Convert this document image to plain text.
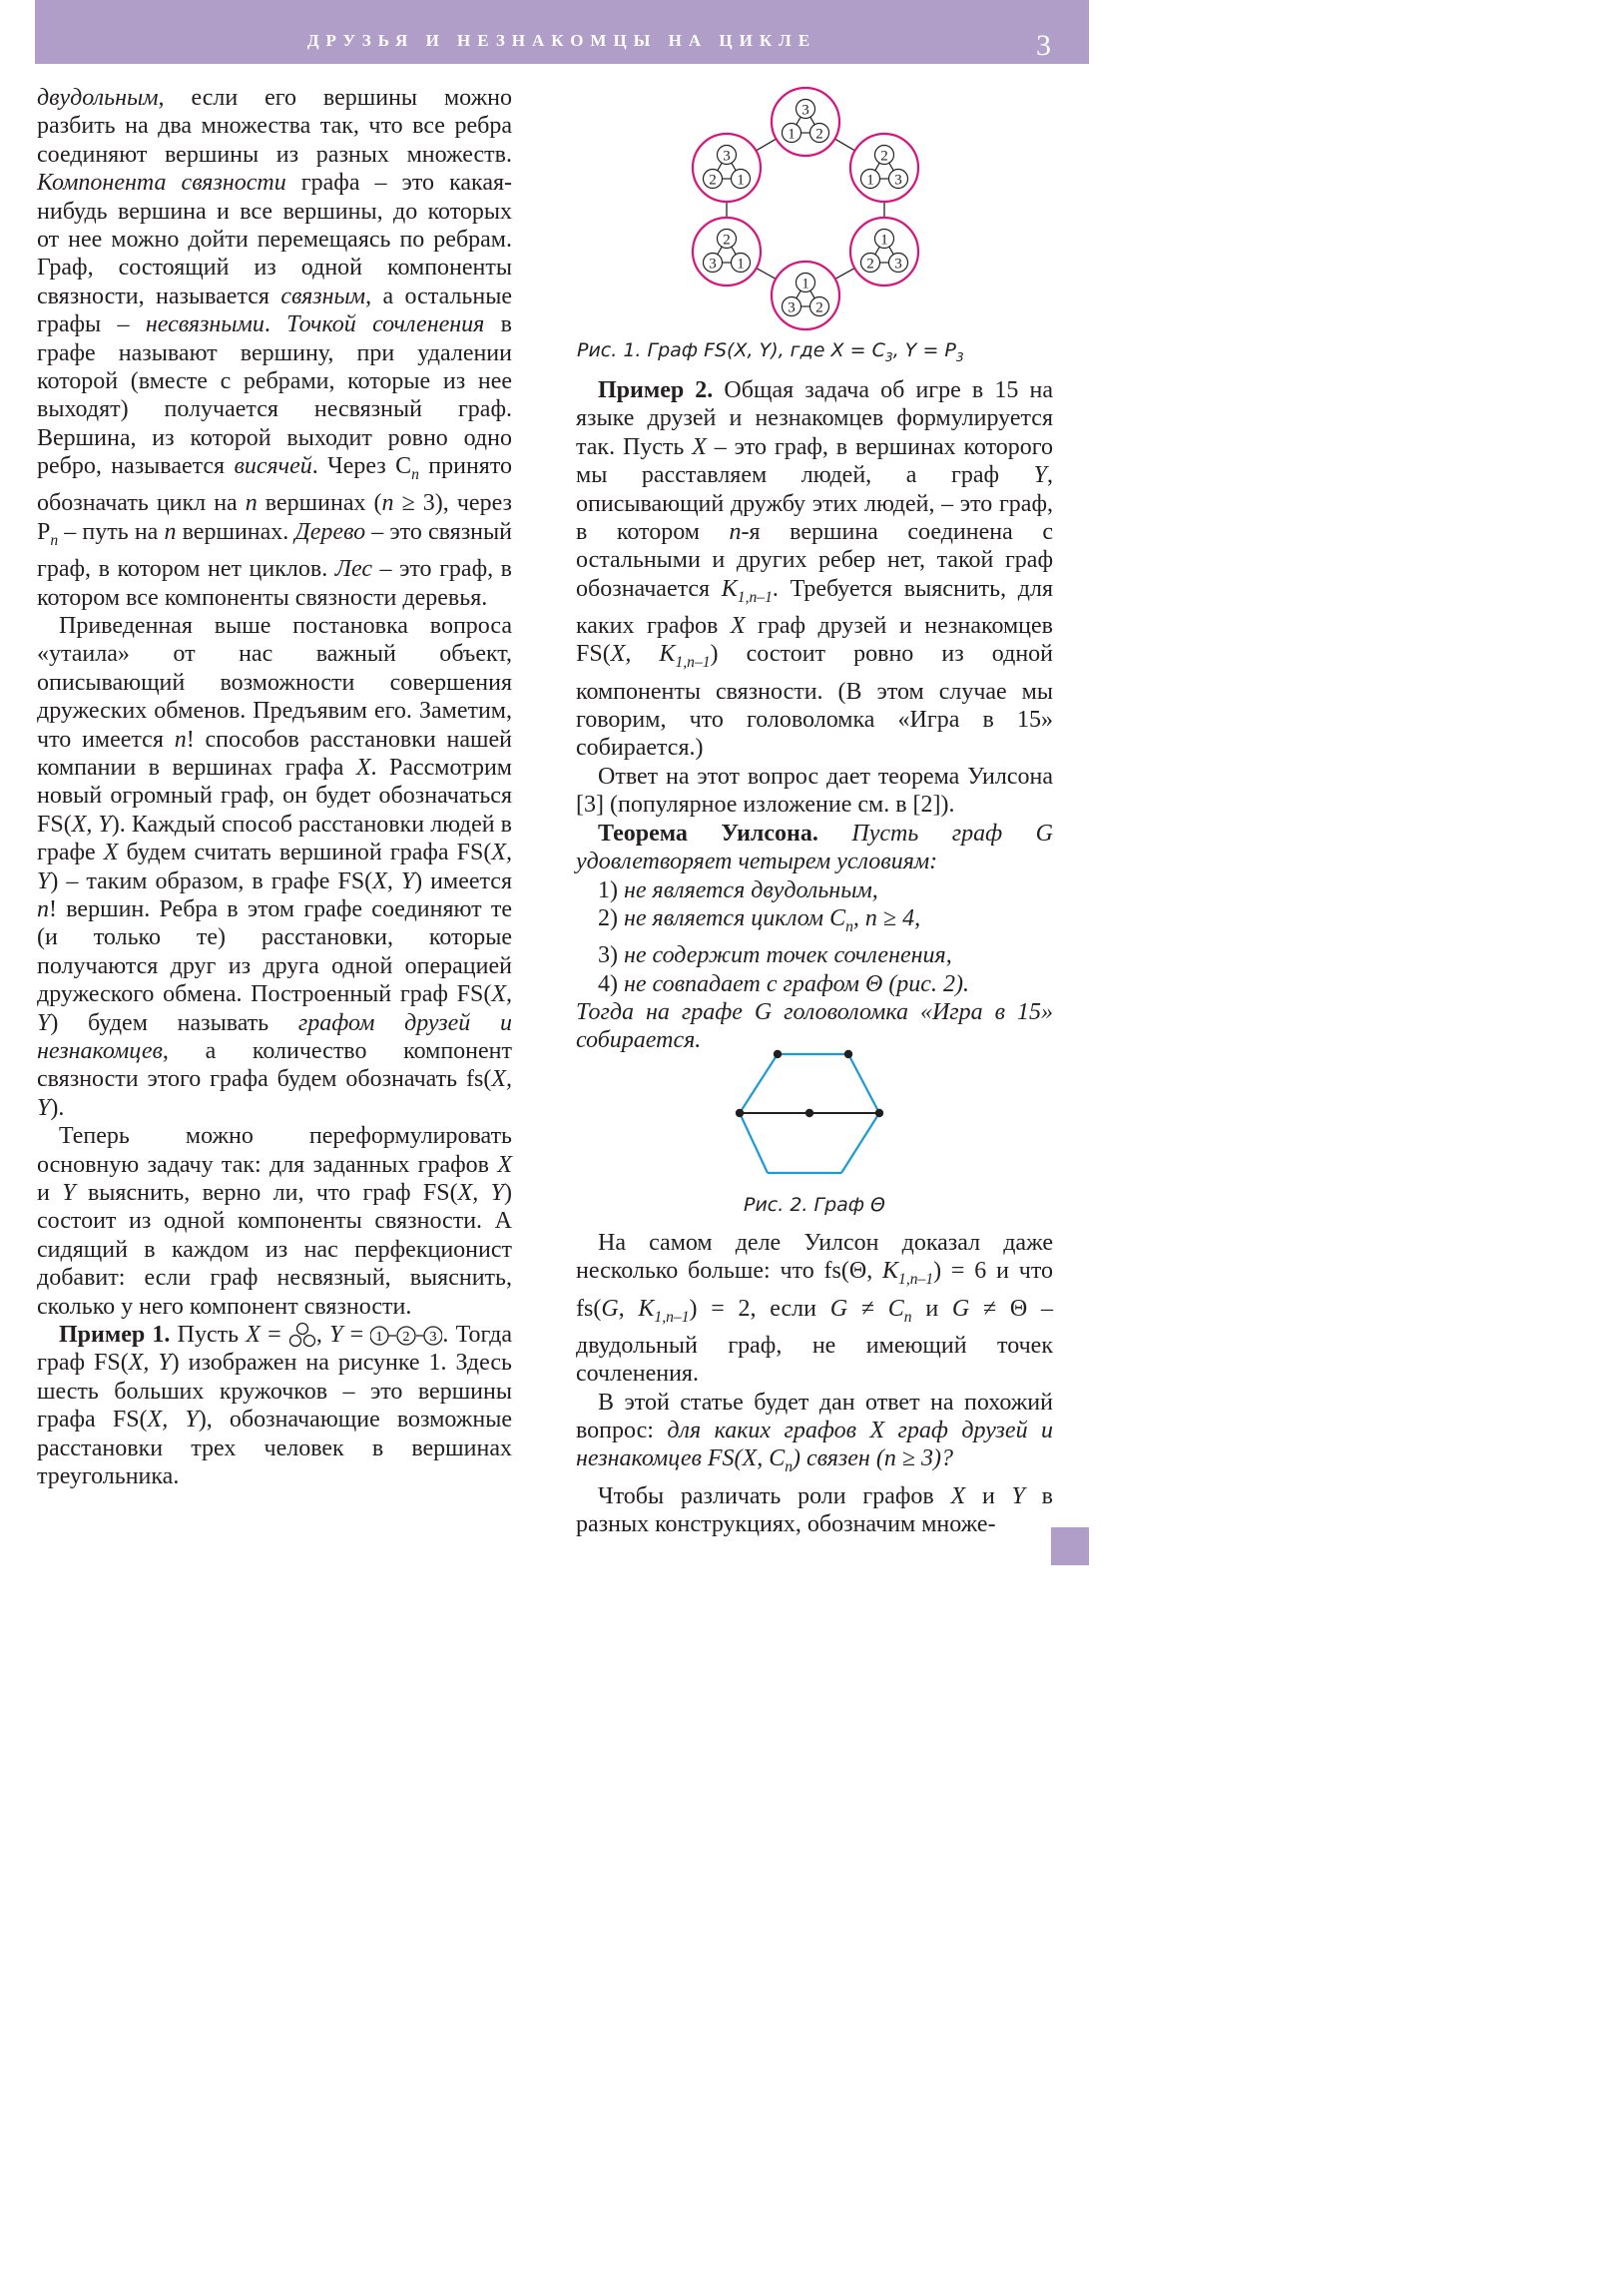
ДРУЗЬЯ И НЕЗНАКОМЦЫ НА ЦИКЛЕ	3

двудольным, если его вершины можно разбить на два множества так, что все ребра соединяют вершины из разных множеств. Компонента связности графа – это какая-нибудь вершина и все вершины, до которых от нее можно дойти перемещаясь по ребрам. Граф, состоящий из одной компоненты связности, называется связным, а остальные графы – несвязными. Точкой сочленения в графе называют вершину, при удалении которой (вместе с ребрами, которые из нее выходят) получается несвязный граф. Вершина, из которой выходит ровно одно ребро, называется висячей. Через $C_n$ принято обозначать цикл на n вершинах (n ≥ 3), через $P_n$ – путь на n вершинах. Дерево – это связный граф, в котором нет циклов. Лес – это граф, в котором все компоненты связности деревья.

Приведенная выше постановка вопроса «утаила» от нас важный объект, описывающий возможности совершения дружеских обменов. Предъявим его. Заметим, что имеется n! способов расстановки нашей компании в вершинах графа X. Рассмотрим новый огромный граф, он будет обозначаться FS(X, Y). Каждый способ расстановки людей в графе X будем считать вершиной графа FS(X, Y) – таким образом, в графе FS(X, Y) имеется n! вершин. Ребра в этом графе соединяют те (и только те) расстановки, которые получаются друг из друга одной операцией дружеского обмена. Построенный граф FS(X, Y) будем называть графом друзей и незнакомцев, а количество компонент связности этого графа будем обозначать fs(X, Y).

Теперь можно переформулировать основную задачу так: для заданных графов X и Y выяснить, верно ли, что граф FS(X, Y) состоит из одной компоненты связности. А сидящий в каждом из нас перфекционист добавит: если граф несвязный, выяснить, сколько у него компонент связности.

Пример 1. Пусть X = , Y = 1 2 3 . Тогда граф FS(X, Y) изображен на рисунке 1. Здесь шесть больших кружочков – это вершины графа FS(X, Y), обозначающие возможные расстановки трех человек в вершинах треугольника.

3
1 2
2
1 3
1
2 3
1
3 2
2
3 1
3
2 1
Рис. 1. Граф FS(X, Y), где $X = C_3$, $Y = P_3$

Пример 2. Общая задача об игре в 15 на языке друзей и незнакомцев формулируется так. Пусть X – это граф, в вершинах которого мы расставляем людей, а граф Y, описывающий дружбу этих людей, – это граф, в котором n-я вершина соединена с остальными и других ребер нет, такой граф обозначается $K_{1,n-1}$. Требуется выяснить, для каких графов X граф друзей и незнакомцев FS(X, $K_{1,n-1}$) состоит ровно из одной компоненты связности. (В этом случае мы говорим, что головоломка «Игра в 15» собирается.)

Ответ на этот вопрос дает теорема Уилсона [3] (популярное изложение см. в [2]).

Теорема Уилсона. Пусть граф G удовлетворяет четырем условиям:

1) не является двудольным,

2) не является циклом $C_n$, n ≥ 4,

3) не содержит точек сочленения,

4) не совпадает с графом Θ (рис. 2).

Тогда на графе G головоломка «Игра в 15» собирается.

Рис. 2. Граф Θ

На самом деле Уилсон доказал даже несколько больше: что fs(Θ, $K_{1,n-1}) = 6$ и что fs(G, $K_{1,n-1}) = 2$, если $G \ne C_n$ и G ≠ Θ – двудольный граф, не имеющий точек сочленения.

В этой статье будет дан ответ на похожий вопрос: для каких графов X граф друзей и незнакомцев FS(X, $C_n$) связен (n ≥ 3)?

Чтобы различать роли графов X и Y в разных конструкциях, обозначим множе-
